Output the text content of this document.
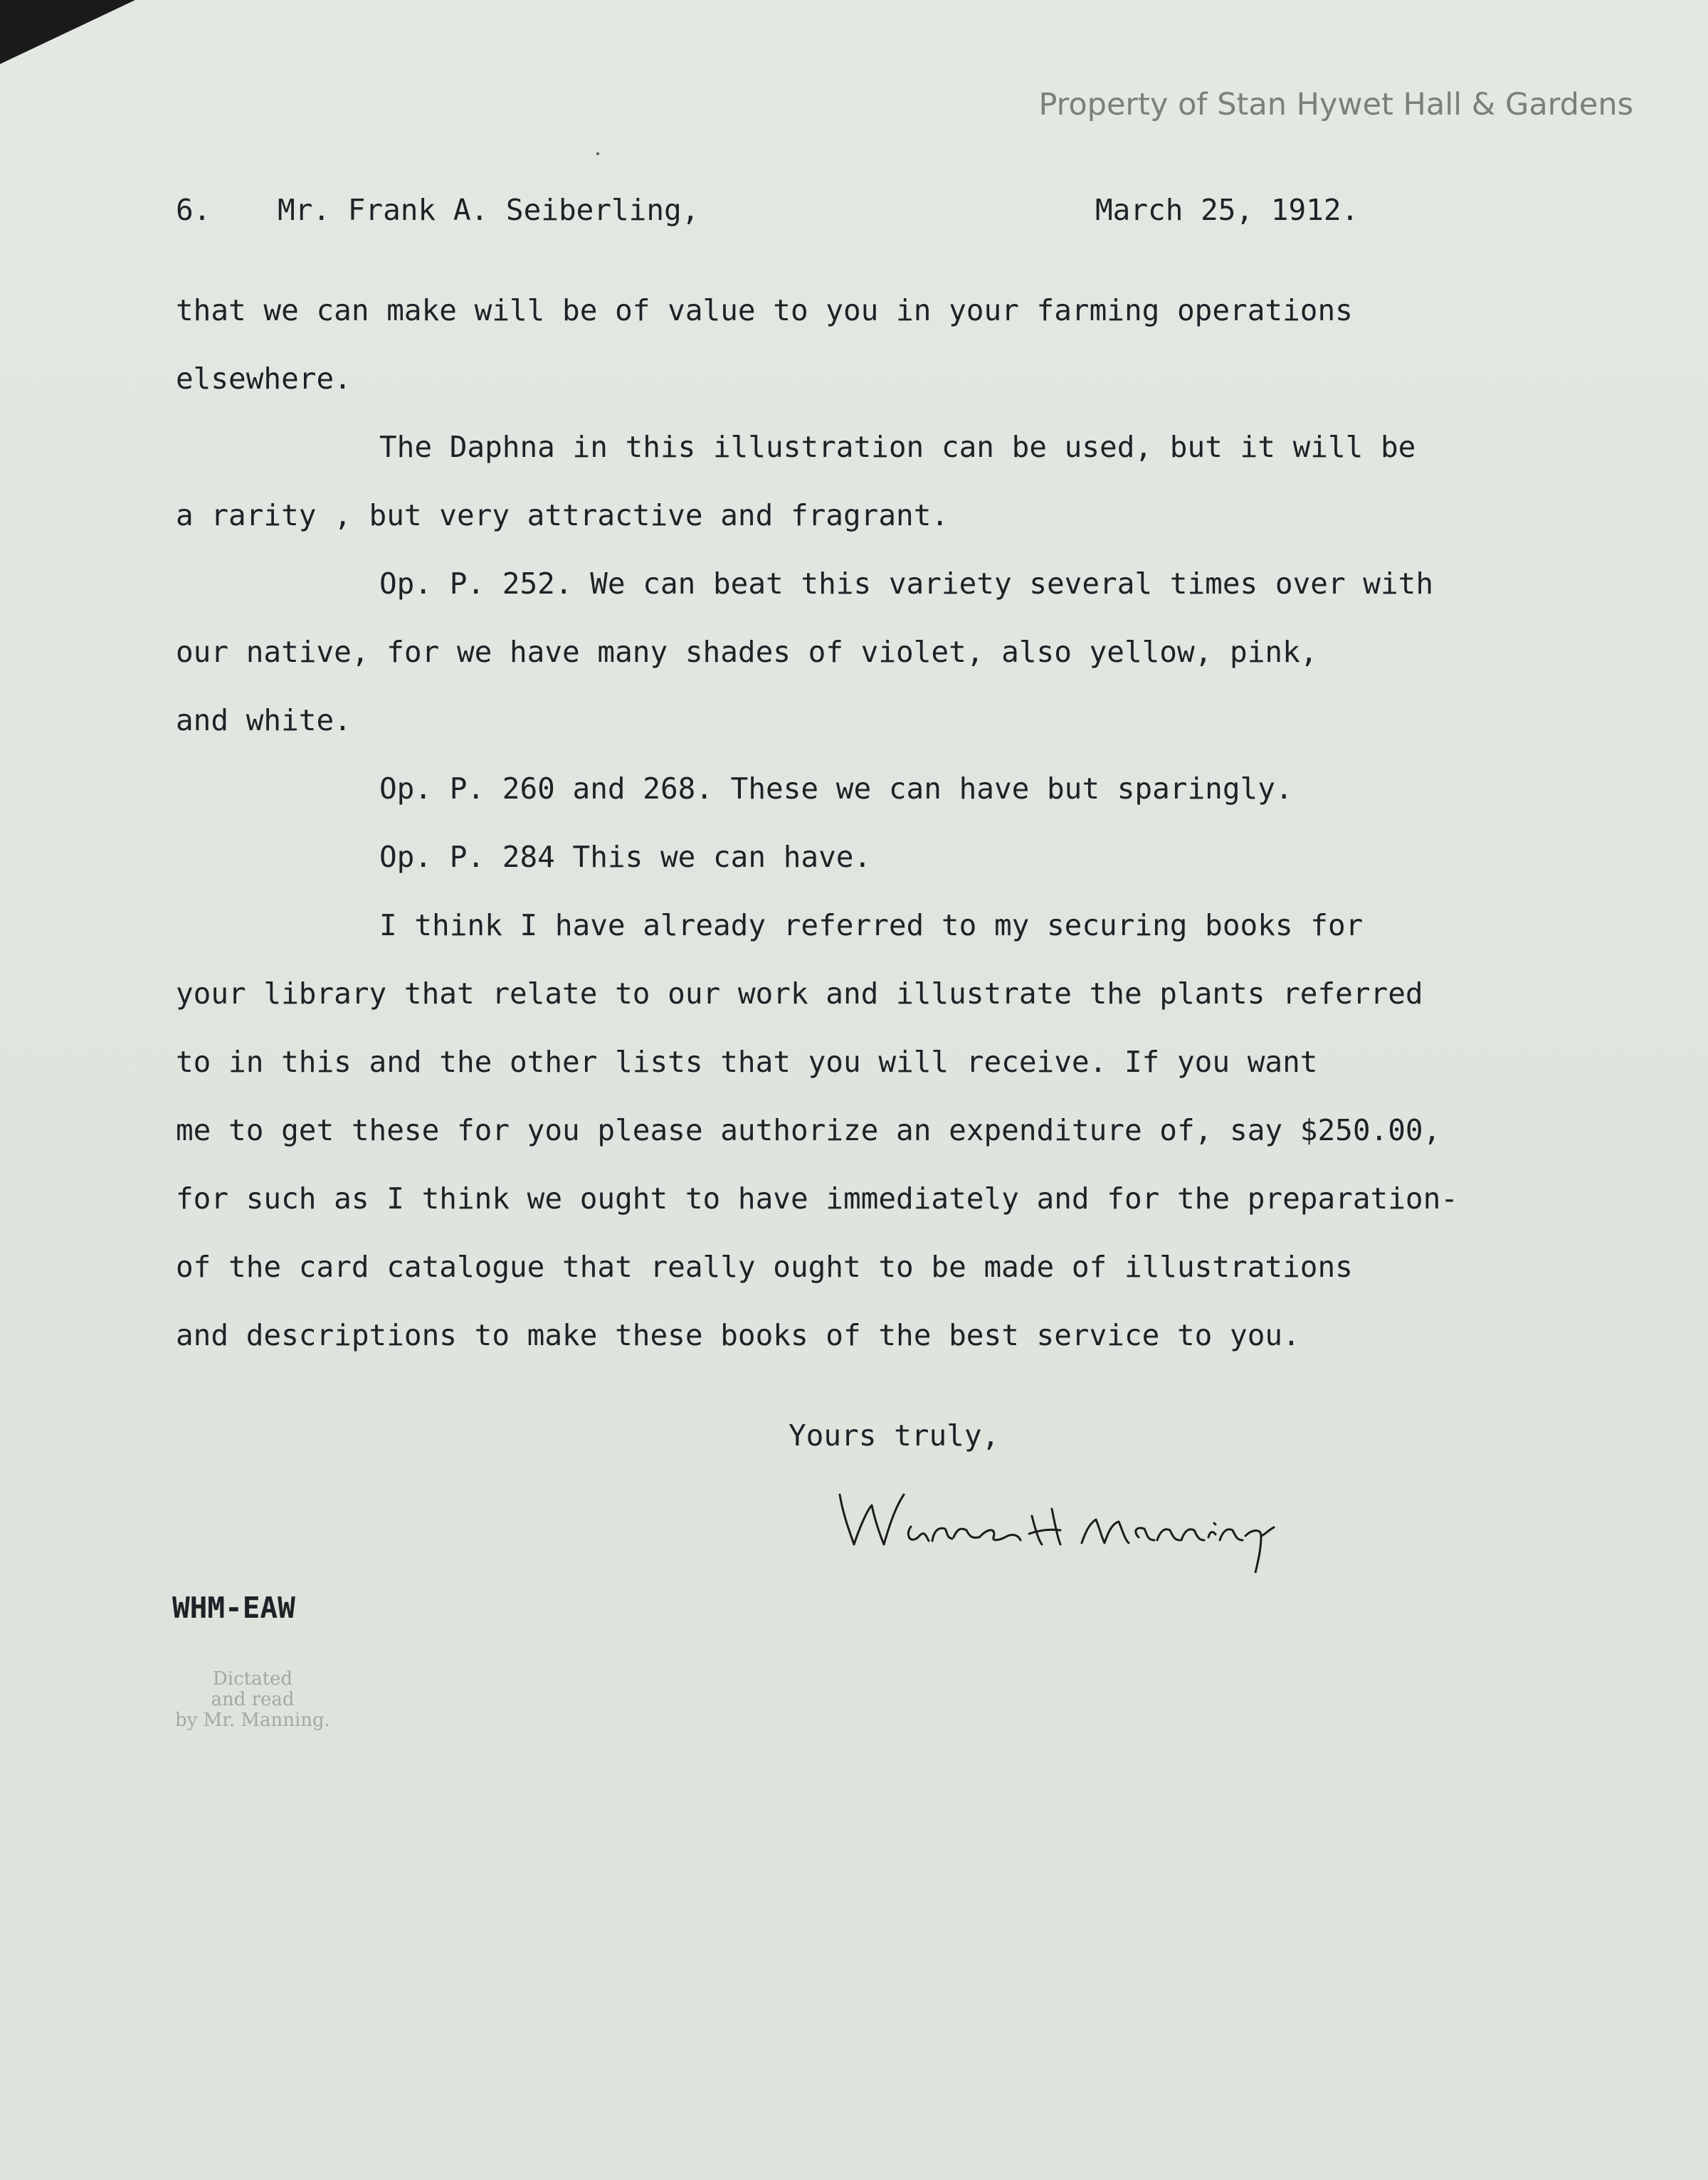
Property of Stan Hywet Hall & Gardens
6. Mr. Frank A. Seiberling,	March 25, 1912.
that we can make will be of value to you in your farming operations
elsewhere.
The Daphna in this illustration can be used, but it will be
a rarity , but very attractive and fragrant.
Op. P. 252. We can beat this variety several times over with
our native, for we have many shades of violet, also yellow, pink,
and white.
Op. P. 260 and 268. These we can have but sparingly.
Op. P. 284 This we can have.
I think I have already referred to my securing books for
your library that relate to our work and illustrate the plants referred
to in this and the other lists that you will receive. If you want
me to get these for you please authorize an expenditure of, say $250.00,
for such as I think we ought to have immediately and for the preparation-
of the card catalogue that really ought to be made of illustrations
and descriptions to make these books of the best service to you.
Yours truly,
WHM-EAW
Dictated
and read
by Mr. Manning.
